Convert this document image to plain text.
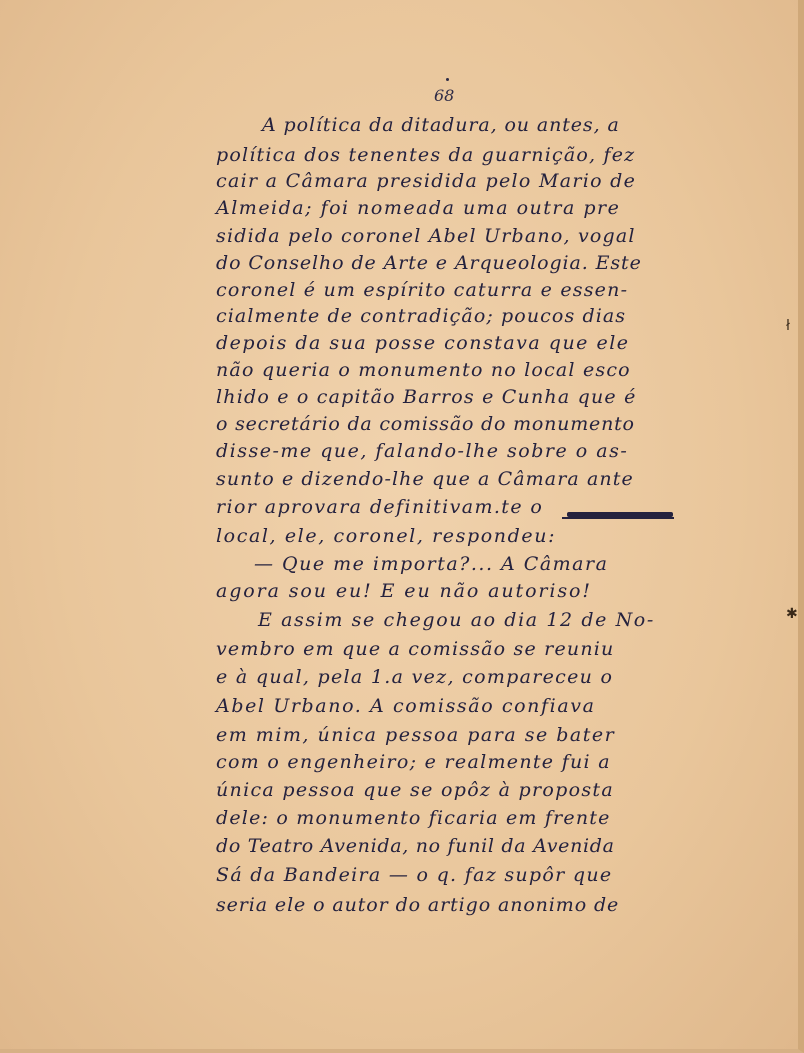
68
A política da ditadura, ou antes, a
política dos tenentes da guarnição, fez
cair a Câmara presidida pelo Mario de
Almeida; foi nomeada uma outra pre
sidida pelo coronel Abel Urbano, vogal
do Conselho de Arte e Arqueologia. Este
coronel é um espírito caturra e essen-
cialmente de contradição; poucos dias
depois da sua posse constava que ele
não queria o monumento no local esco
lhido e o capitão Barros e Cunha que é
o secretário da comissão do monumento
disse-me que, falando-lhe sobre o as-
sunto e dizendo-lhe que a Câmara ante
rior aprovara definitivam.te o
local, ele, coronel, respondeu:
— Que me importa?... A Câmara
agora sou eu! E eu não autoriso!
E assim se chegou ao dia 12 de No-
vembro em que a comissão se reuniu
e à qual, pela 1.a vez, compareceu o
Abel Urbano. A comissão confiava
em mim, única pessoa para se bater
com o engenheiro; e realmente fui a
única pessoa que se opôz à proposta
dele: o monumento ficaria em frente
do Teatro Avenida, no funil da Avenida
Sá da Bandeira — o q. faz supôr que
seria ele o autor do artigo anonimo de
ł
✱
